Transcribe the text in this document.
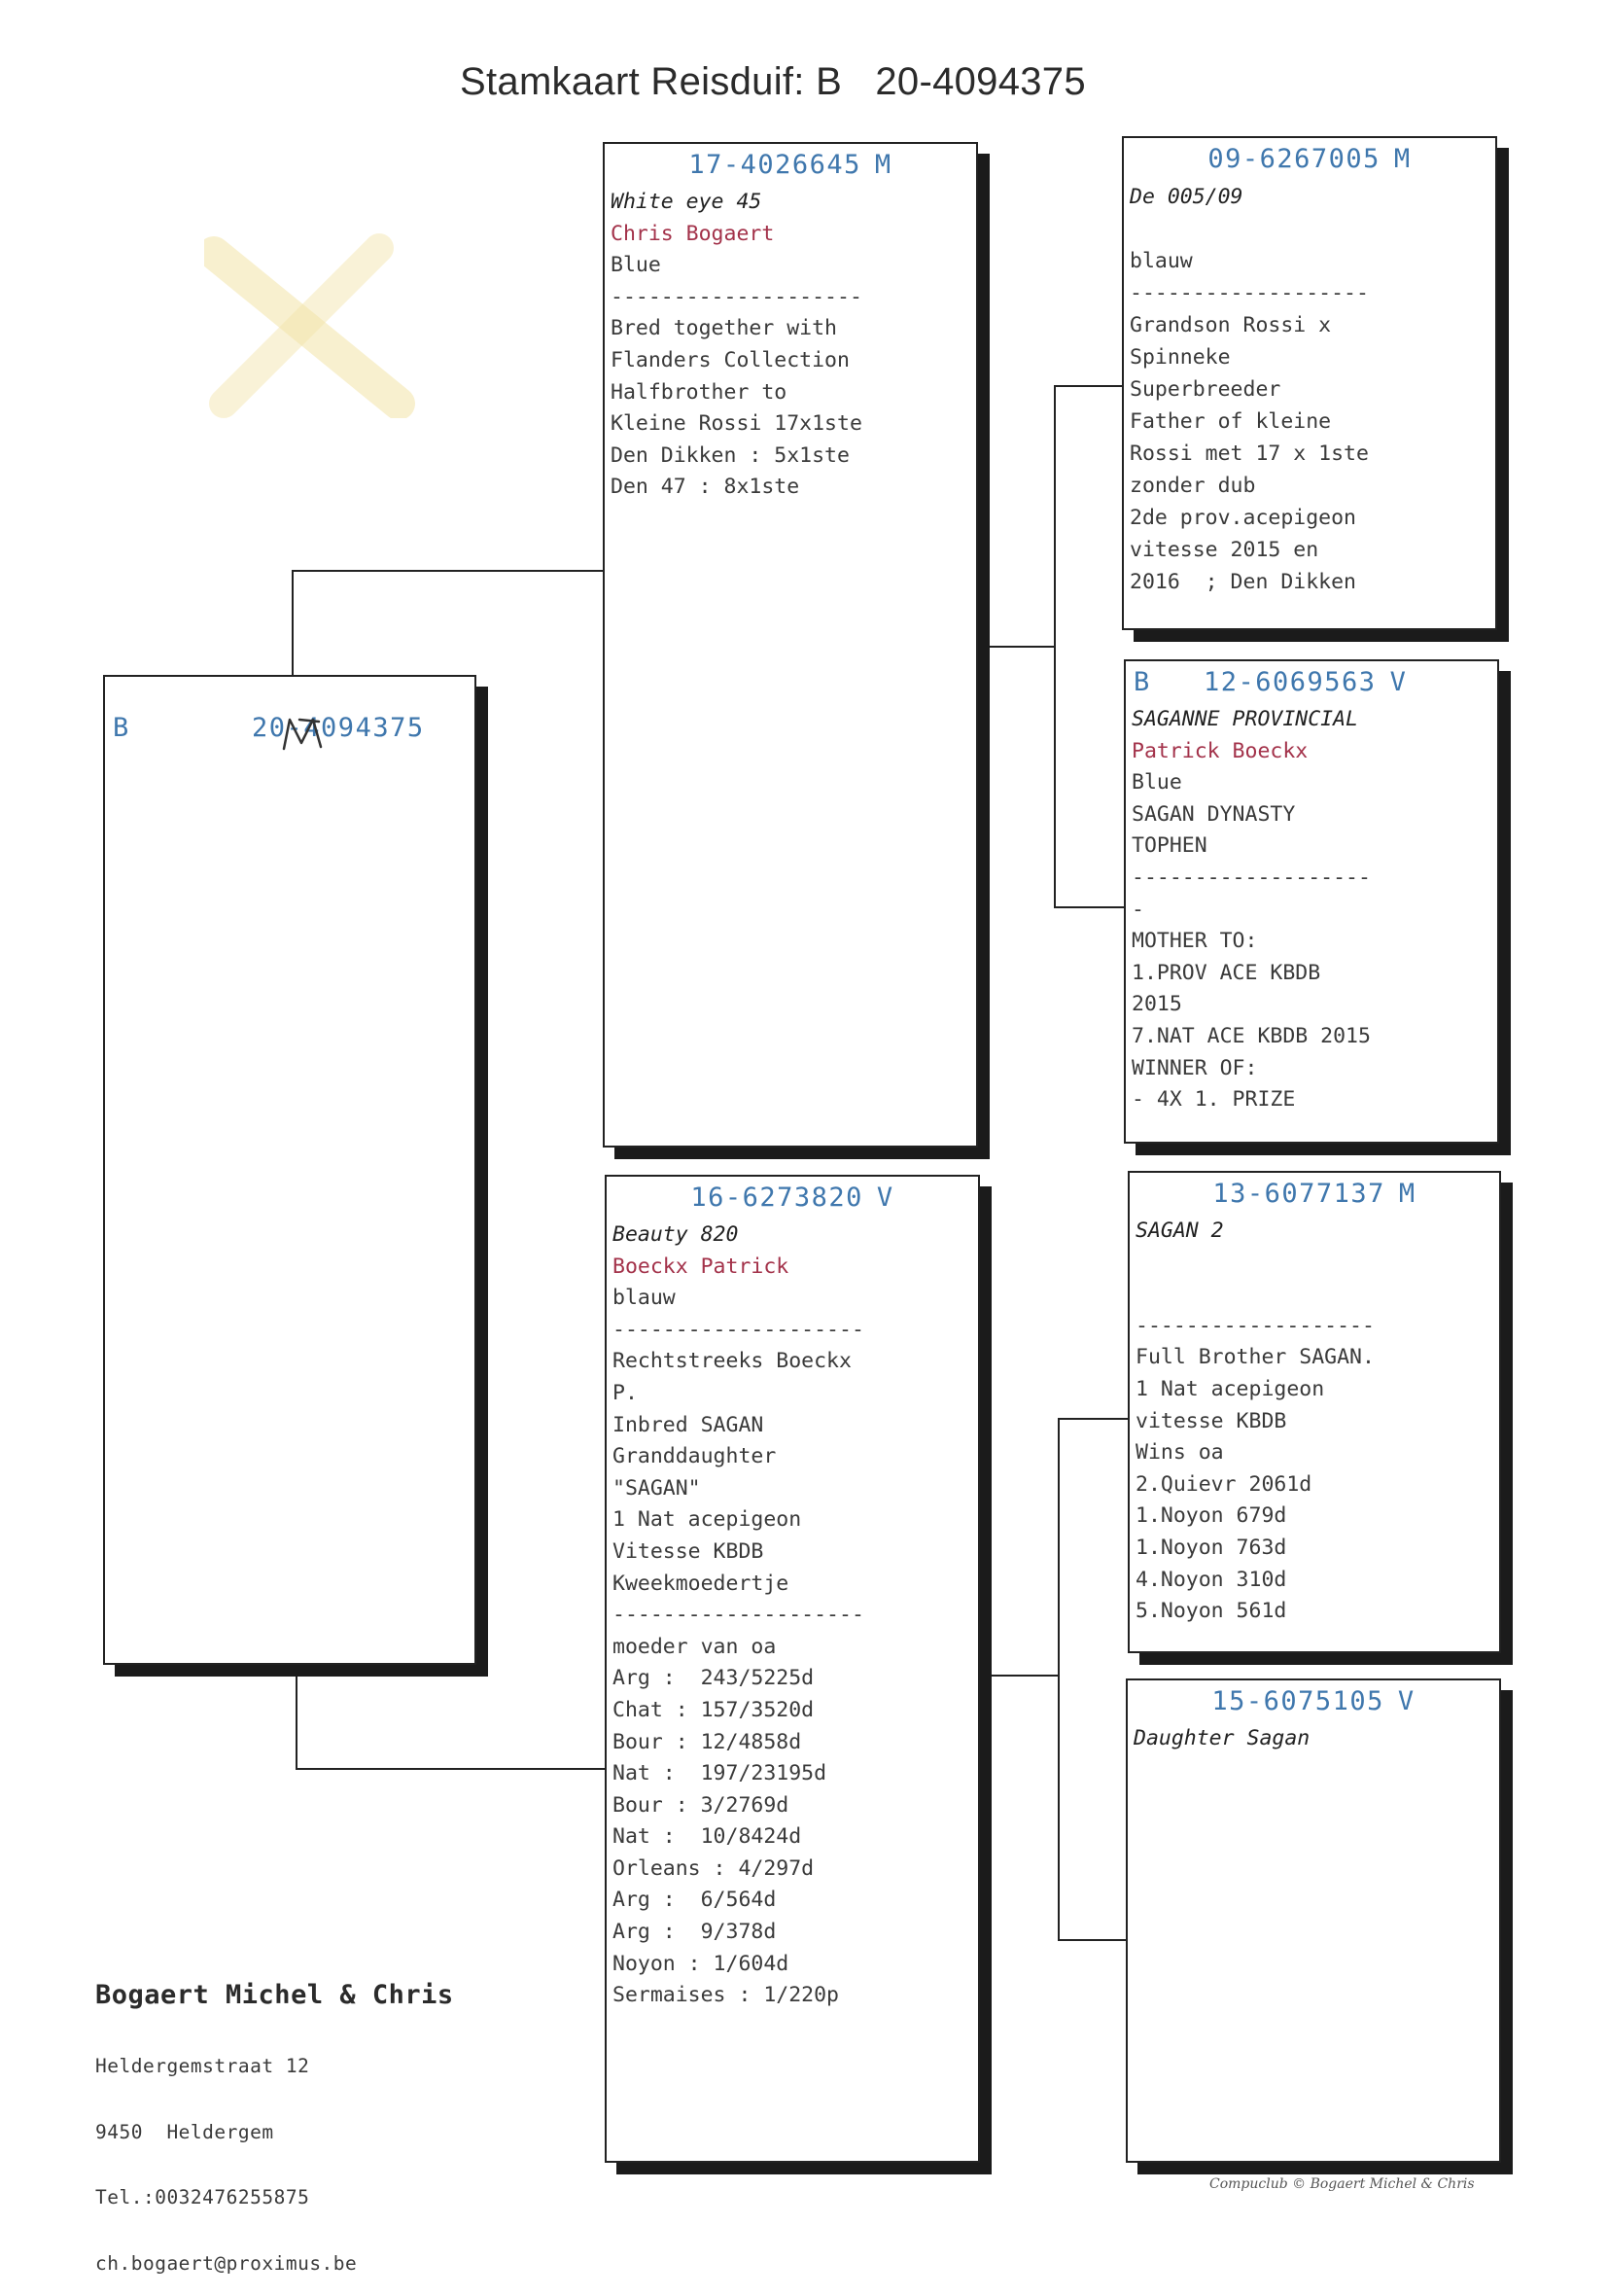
Stamkaart Reisduif: B   20-4094375

B	20-4094375

17-4026645 M
White eye 45
Chris Bogaert
Blue
--------------------
Bred together with
Flanders Collection
Halfbrother to
Kleine Rossi 17x1ste
Den Dikken : 5x1ste
Den 47 : 8x1ste
09-6267005 M
De 005/09

blauw
-------------------
Grandson Rossi x
Spinneke
Superbreeder
Father of kleine
Rossi met 17 x 1ste
zonder dub
2de prov.acepigeon
vitesse 2015 en
2016  ; Den Dikken
B 12-6069563 V
SAGANNE PROVINCIAL
Patrick Boeckx
Blue
SAGAN DYNASTY
TOPHEN
-------------------
-
MOTHER TO:
1.PROV ACE KBDB
2015
7.NAT ACE KBDB 2015
WINNER OF:
- 4X 1. PRIZE
16-6273820 V
Beauty 820
Boeckx Patrick
blauw
--------------------
Rechtstreeks Boeckx
P.
Inbred SAGAN
Granddaughter
"SAGAN"
1 Nat acepigeon
Vitesse KBDB
Kweekmoedertje
--------------------
moeder van oa
Arg :  243/5225d
Chat : 157/3520d
Bour : 12/4858d
Nat :  197/23195d
Bour : 3/2769d
Nat :  10/8424d
Orleans : 4/297d
Arg :  6/564d
Arg :  9/378d
Noyon : 1/604d
Sermaises : 1/220p
13-6077137 M
SAGAN 2

-------------------
Full Brother SAGAN.
1 Nat acepigeon
vitesse KBDB
Wins oa
2.Quievr 2061d
1.Noyon 679d
1.Noyon 763d
4.Noyon 310d
5.Noyon 561d
15-6075105 V
Daughter Sagan

Bogaert Michel & Chris

Heldergemstraat 12

9450  Heldergem

Tel.:0032476255875

ch.bogaert@proximus.be

Compuclub © Bogaert Michel & Chris
